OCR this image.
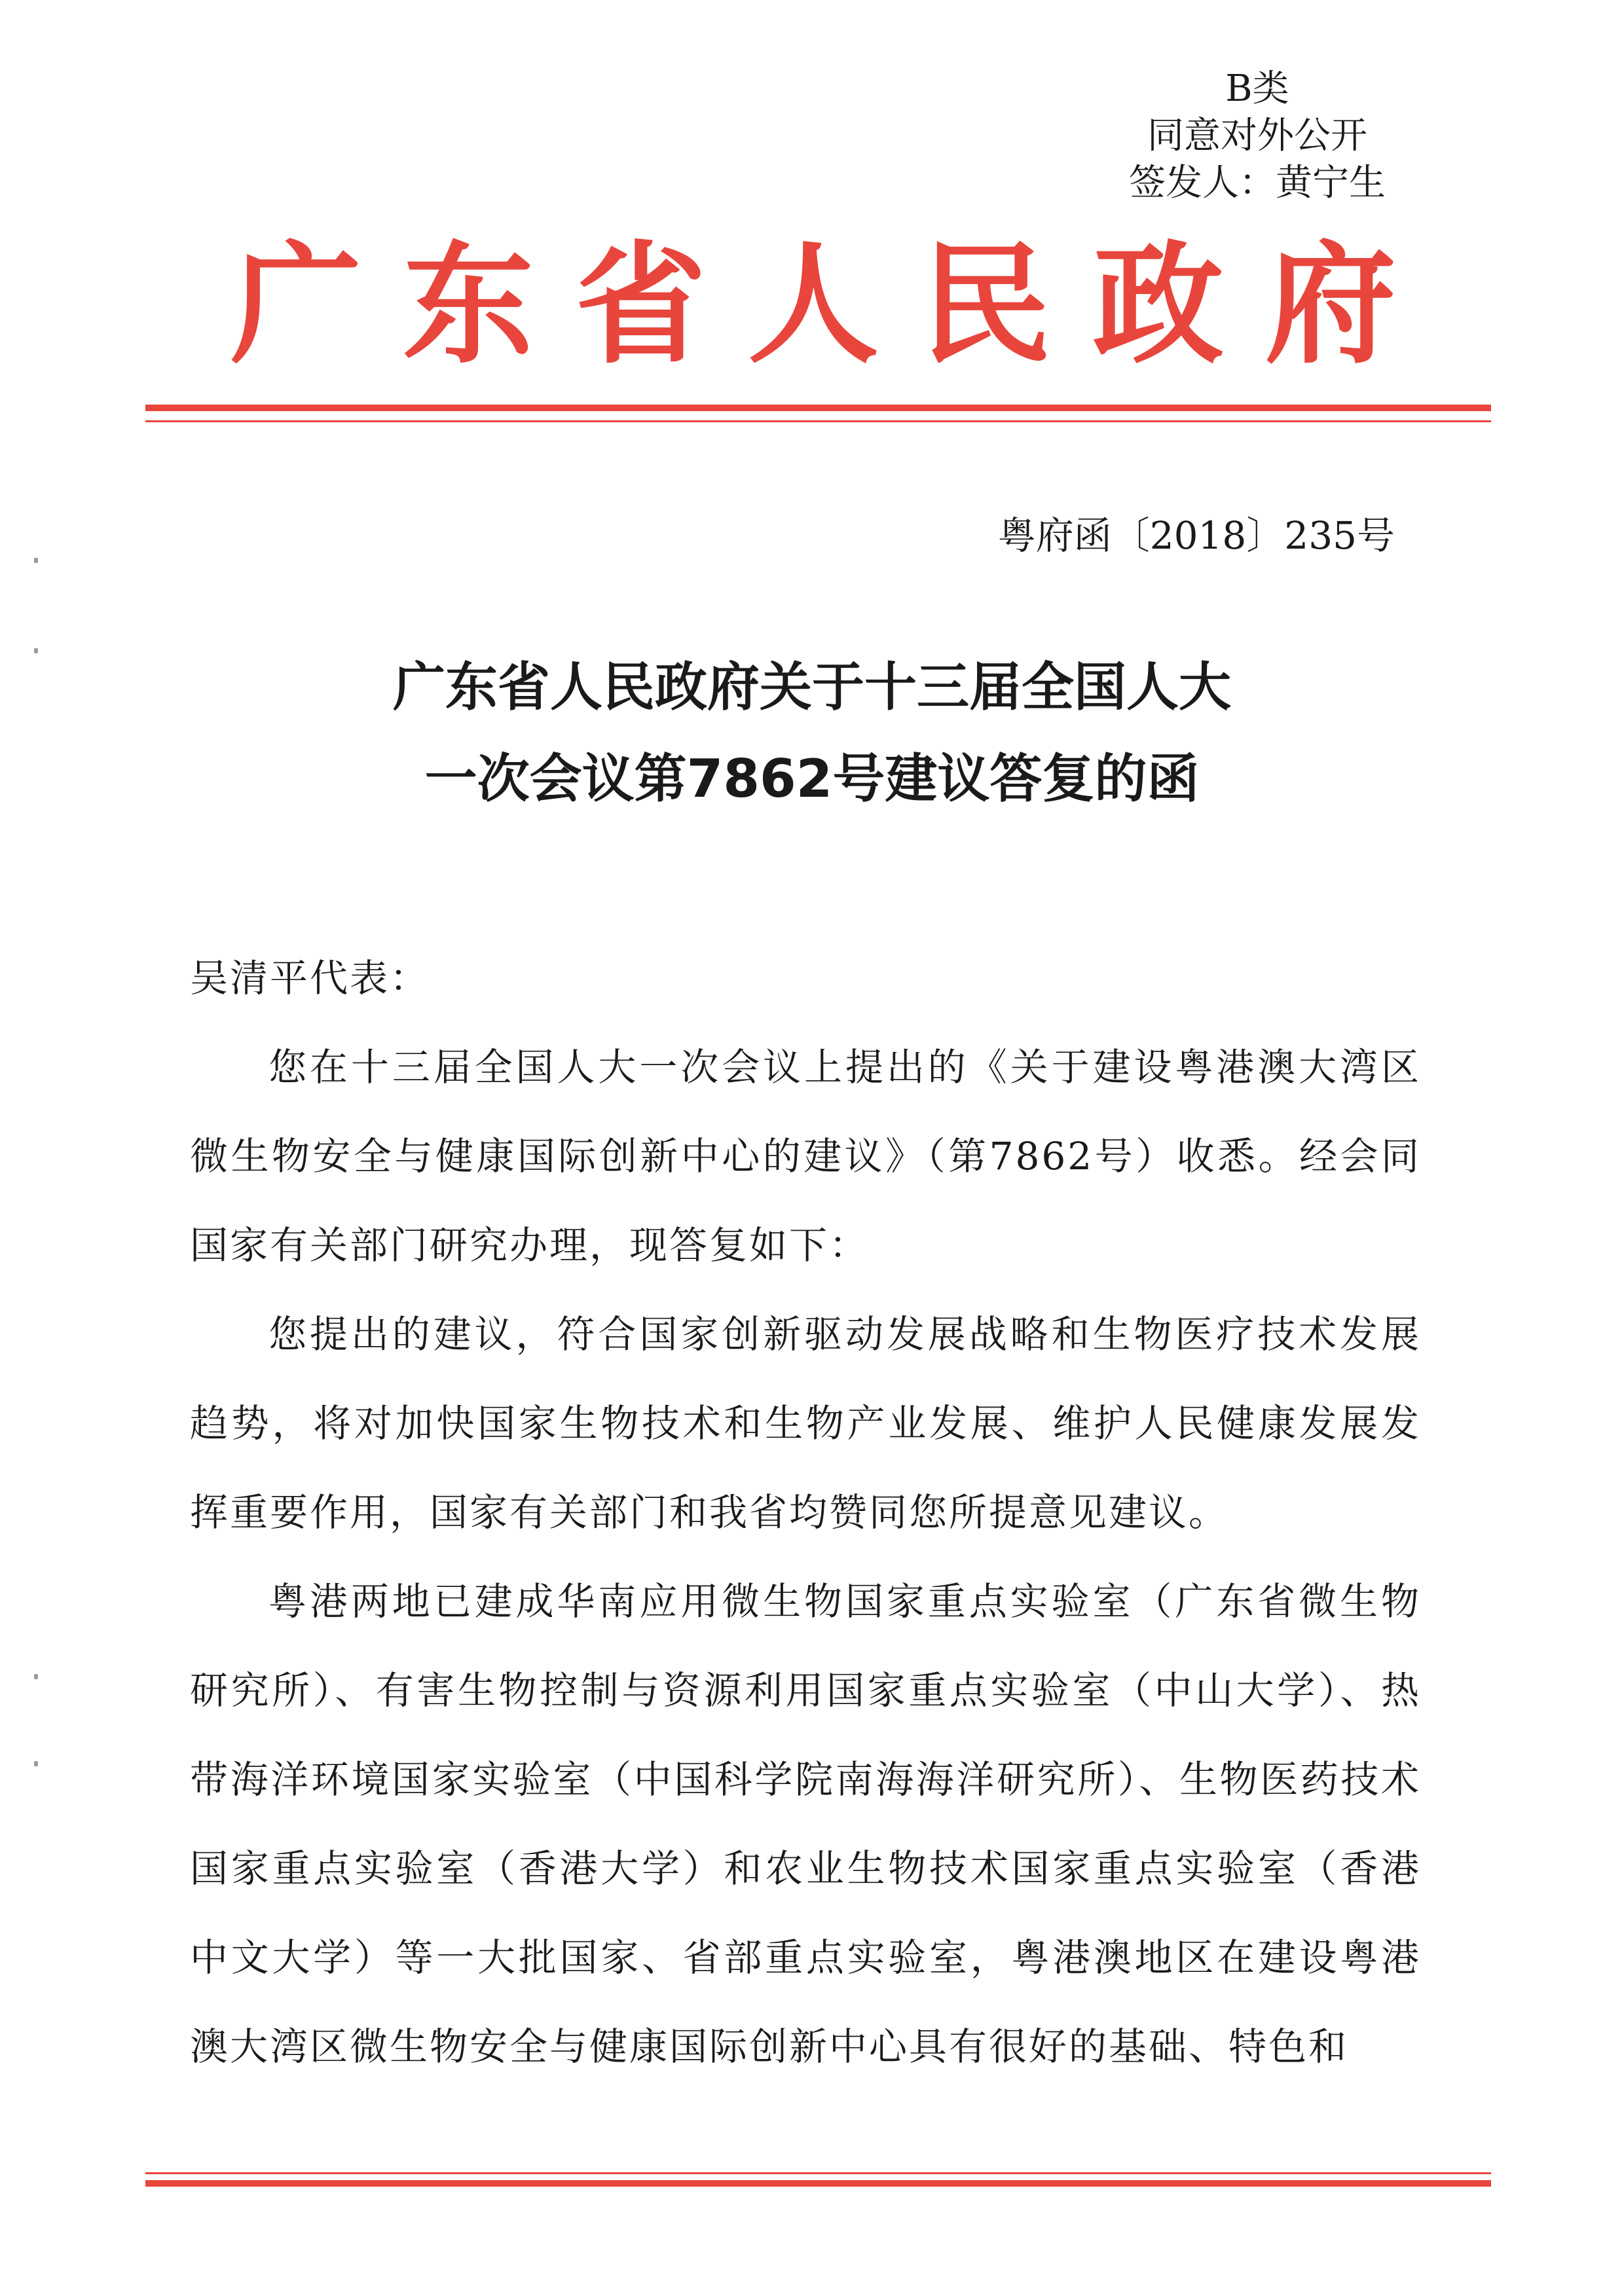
B类
同意对外公开
签发人：黄宁生
广 东 省 人 民 政 府
粤府函〔2018〕235号
广东省人民政府关于十三届全国人大
一次会议第7862号建议答复的函

吴清平代表：

您在十三届全国人大一次会议上提出的《关于建设粤港澳大湾区微生物安全与健康国际创新中心的建议》（第7862号）收悉。经会同国家有关部门研究办理，现答复如下：

您提出的建议，符合国家创新驱动发展战略和生物医疗技术发展趋势，将对加快国家生物技术和生物产业发展、维护人民健康发展发挥重要作用，国家有关部门和我省均赞同您所提意见建议。

粤港两地已建成华南应用微生物国家重点实验室（广东省微生物研究所）、有害生物控制与资源利用国家重点实验室（中山大学）、热带海洋环境国家实验室（中国科学院南海海洋研究所）、生物医药技术国家重点实验室（香港大学）和农业生物技术国家重点实验室（香港中文大学）等一大批国家、省部重点实验室，粤港澳地区在建设粤港澳大湾区微生物安全与健康国际创新中心具有很好的基础、特色和
